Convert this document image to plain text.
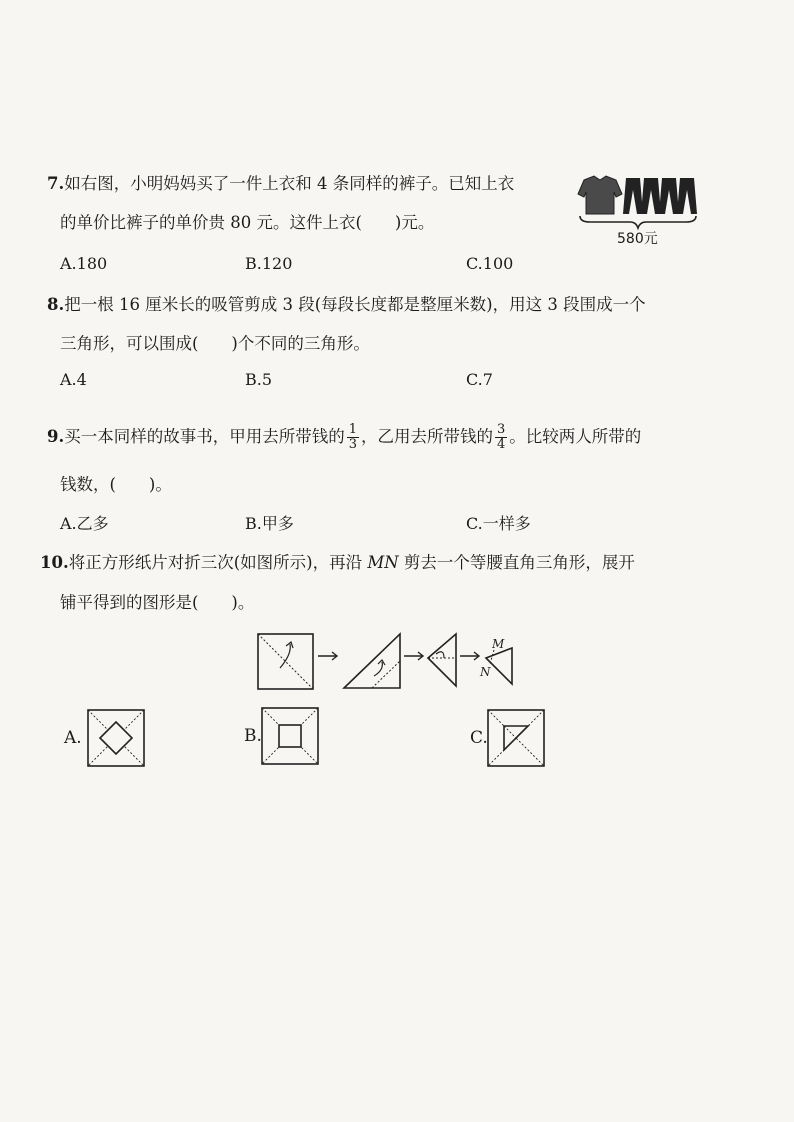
7.如右图，小明妈妈买了一件上衣和 4 条同样的裤子。已知上衣
的单价比裤子的单价贵 80 元。这件上衣(　　)元。
580元
A.180	B.120	C.100
8.把一根 16 厘米长的吸管剪成 3 段(每段长度都是整厘米数)，用这 3 段围成一个
三角形，可以围成(　　)个不同的三角形。
A.4	B.5	C.7
9.买一本同样的故事书，甲用去所带钱的 $\frac{1}{3}$ ，乙用去所带钱的 $\frac{3}{4}$ 。比较两人所带的
钱数，(　　)。
A.乙多	B.甲多	C.一样多
10.将正方形纸片对折三次(如图所示)，再沿 MN 剪去一个等腰直角三角形，展开
铺平得到的图形是(　　)。
M
N
A.	B.	C.
